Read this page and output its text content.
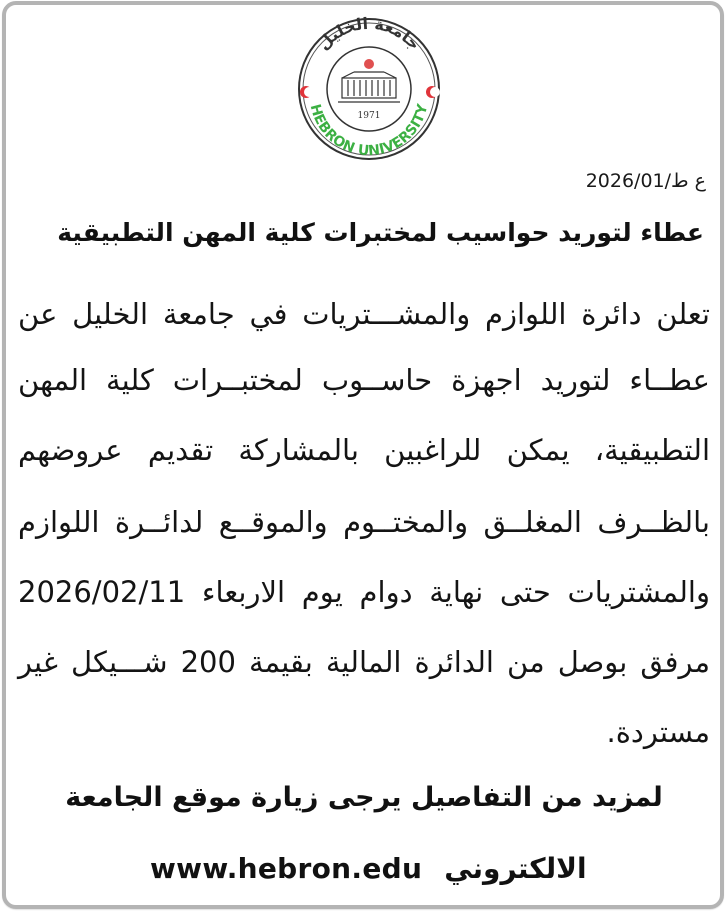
جامعة الخليل
HEBRON UNIVERSITY
1971
ع ط/2026/01
عطاء لتوريد حواسيب لمختبرات كلية المهن التطبيقية
تعلن دائرة اللوازم والمشـــتريات في جامعة الخليل عن
عطــاء لتوريد اجهزة حاســوب لمختبــرات كلية المهن
التطبيقية، يمكن للراغبين بالمشاركة تقديم عروضهم
بالظــرف المغلــق والمختــوم والموقــع لدائــرة اللوازم
والمشتريات حتى نهاية دوام يوم الاربعاء 2026/02/11
مرفق بوصل من الدائرة المالية بقيمة 200 شـــيكل غير
مستردة.
لمزيد من التفاصيل يرجى زيارة موقع الجامعة
www.hebron.edu الالكتروني
